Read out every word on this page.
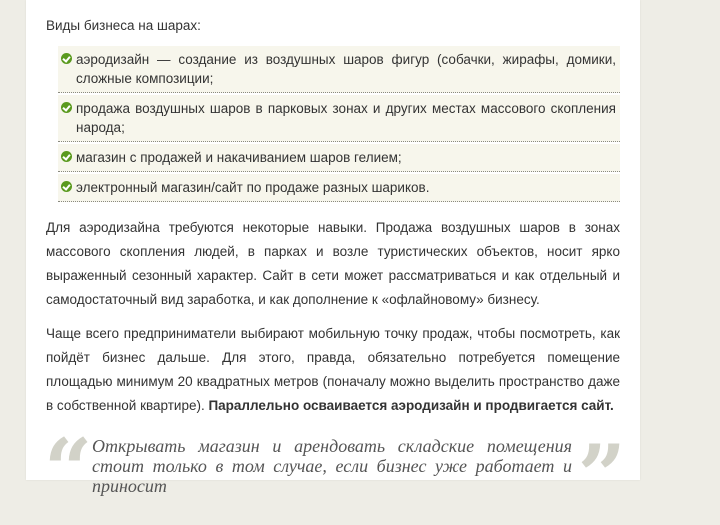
Виды бизнеса на шарах:
аэродизайн — создание из воздушных шаров фигур (собачки, жирафы, домики, сложные композиции;
продажа воздушных шаров в парковых зонах и других местах массового скопления народа;
магазин с продажей и накачиванием шаров гелием;
электронный магазин/сайт по продаже разных шариков.

Для аэродизайна требуются некоторые навыки. Продажа воздушных шаров в зонах массового скопления людей, в парках и возле туристических объектов, носит ярко выраженный сезонный характер. Сайт в сети может рассматриваться и как отдельный и самодостаточный вид заработка, и как дополнение к «офлайновому» бизнесу.

Чаще всего предприниматели выбирают мобильную точку продаж, чтобы посмотреть, как пойдёт бизнес дальше. Для этого, правда, обязательно потребуется помещение площадью минимум 20 квадратных метров (поначалу можно выделить пространство даже в собственной квартире). Параллельно осваивается аэродизайн и продвигается сайт.

“ Открывать магазин и арендовать складские помещения стоит только в том случае, если бизнес уже работает и приносит	”
